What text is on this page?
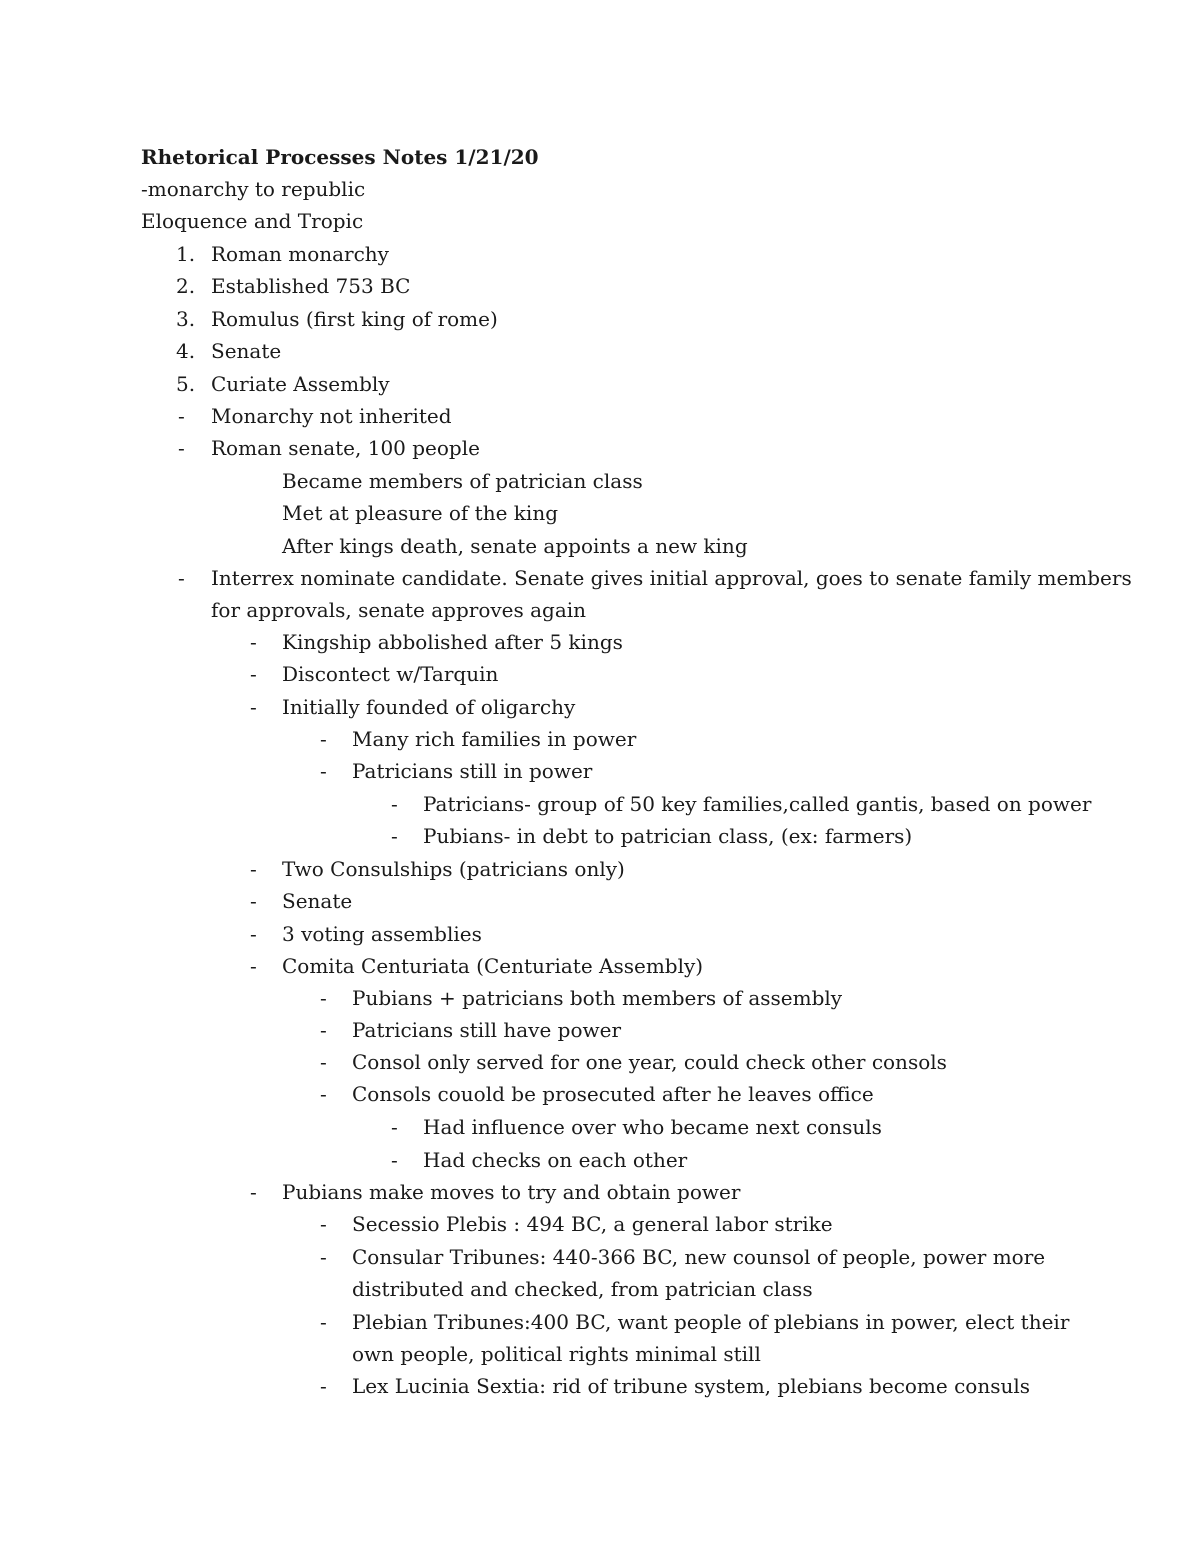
Rhetorical Processes Notes 1/21/20
-monarchy to republic
Eloquence and Tropic
1. Roman monarchy
2. Established 753 BC
3. Romulus (first king of rome)
4. Senate
5. Curiate Assembly
- Monarchy not inherited
- Roman senate, 100 people
Became members of patrician class
Met at pleasure of the king
After kings death, senate appoints a new king
- Interrex nominate candidate. Senate gives initial approval, goes to senate family members
for approvals, senate approves again
- Kingship abbolished after 5 kings
- Discontect w/Tarquin
- Initially founded of oligarchy
- Many rich families in power
- Patricians still in power
- Patricians- group of 50 key families,called gantis, based on power
- Pubians- in debt to patrician class, (ex: farmers)
- Two Consulships (patricians only)
- Senate
- 3 voting assemblies
- Comita Centuriata (Centuriate Assembly)
- Pubians + patricians both members of assembly
- Patricians still have power
- Consol only served for one year, could check other consols
- Consols couold be prosecuted after he leaves office
- Had influence over who became next consuls
- Had checks on each other
- Pubians make moves to try and obtain power
- Secessio Plebis : 494 BC, a general labor strike
- Consular Tribunes: 440-366 BC, new counsol of people, power more
distributed and checked, from patrician class
- Plebian Tribunes:400 BC, want people of plebians in power, elect their
own people, political rights minimal still
- Lex Lucinia Sextia: rid of tribune system, plebians become consuls
